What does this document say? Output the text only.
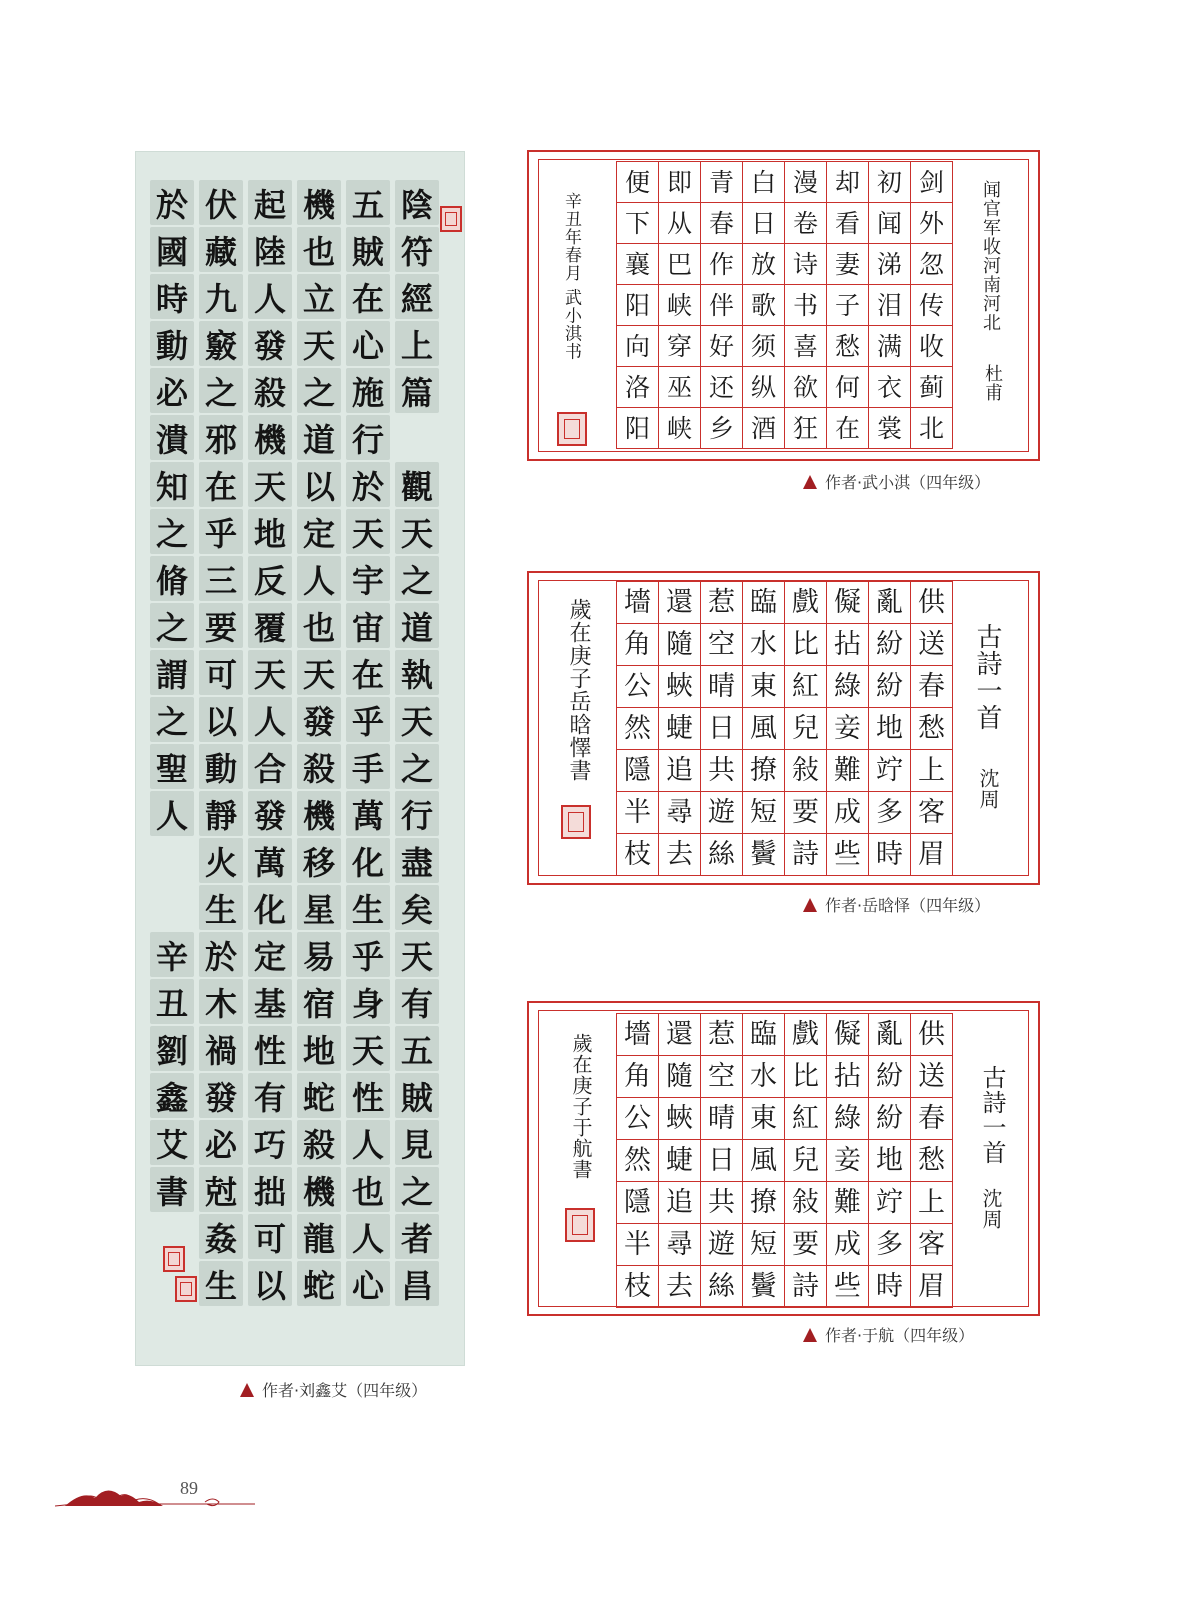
陰
符
經
上
篇
觀
天
之
道
執
天
之
行
盡
矣
天
有
五
賊
見
之
者
昌
五
賊
在
心
施
行
於
天
宇
宙
在
乎
手
萬
化
生
乎
身
天
性
人
也
人
心
機
也
立
天
之
道
以
定
人
也
天
發
殺
機
移
星
易
宿
地
蛇
殺
機
龍
蛇
起
陸
人
發
殺
機
天
地
反
覆
天
人
合
發
萬
化
定
基
性
有
巧
拙
可
以
伏
藏
九
竅
之
邪
在
乎
三
要
可
以
動
靜
火
生
於
木
禍
發
必
尅
姦
生
於
國
時
動
必
潰
知
之
脩
之
謂
之
聖
人
辛
丑
劉
鑫
艾
書
作者·刘鑫艾（四年级）
便	即	青	白	漫	却	初	剑
下	从	春	日	卷	看	闻	外
襄	巴	作	放	诗	妻	涕	忽
阳	峡	伴	歌	书	子	泪	传
向	穿	好	须	喜	愁	满	收
洛	巫	还	纵	欲	何	衣	蓟
阳	峡	乡	酒	狂	在	裳	北
闻官军收河南河北
杜甫
辛丑年春月 武小淇书
作者·武小淇（四年级）
墻	還	惹	臨	戲	儗	亂	供
角	隨	空	水	比	拈	紛	送
公	蛺	晴	東	紅	綠	紛	春
然	蜨	日	風	兒	妾	地	愁
隱	追	共	撩	敍	難	竚	上
半	尋	遊	短	要	成	多	客
枝	去	絲	鬢	詩	些	時	眉
古詩一首
沈周
歲在庚子岳晗懌書
作者·岳晗怿（四年级）
墻	還	惹	臨	戲	儗	亂	供
角	隨	空	水	比	拈	紛	送
公	蛺	晴	東	紅	綠	紛	春
然	蜨	日	風	兒	妾	地	愁
隱	追	共	撩	敍	難	竚	上
半	尋	遊	短	要	成	多	客
枝	去	絲	鬢	詩	些	時	眉
古詩一首
沈周
歲在庚子于航書
作者·于航（四年级）
89
